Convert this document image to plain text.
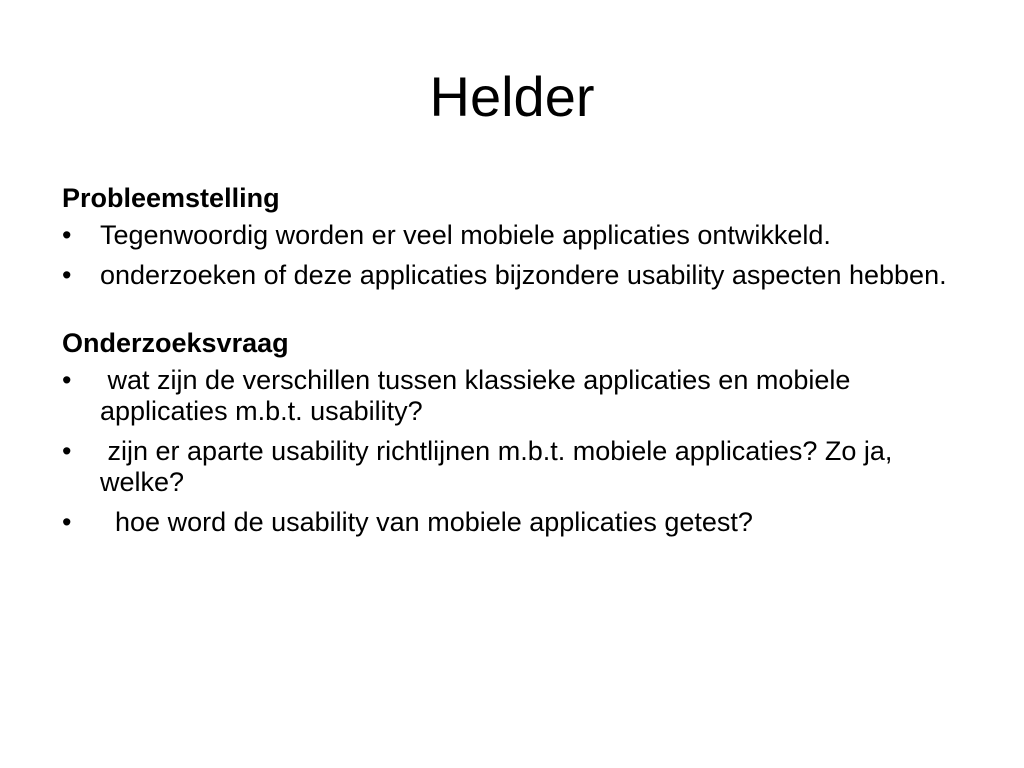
Helder
Probleemstelling
•	Tegenwoordig worden er veel mobiele applicaties ontwikkeld.
•	onderzoeken of deze applicaties bijzondere usability aspecten hebben.
Onderzoeksvraag
•	wat zijn de verschillen tussen klassieke applicaties en mobiele applicaties m.b.t. usability?
•	zijn er aparte usability richtlijnen m.b.t. mobiele applicaties? Zo ja, welke?
•	hoe word de usability van mobiele applicaties getest?
